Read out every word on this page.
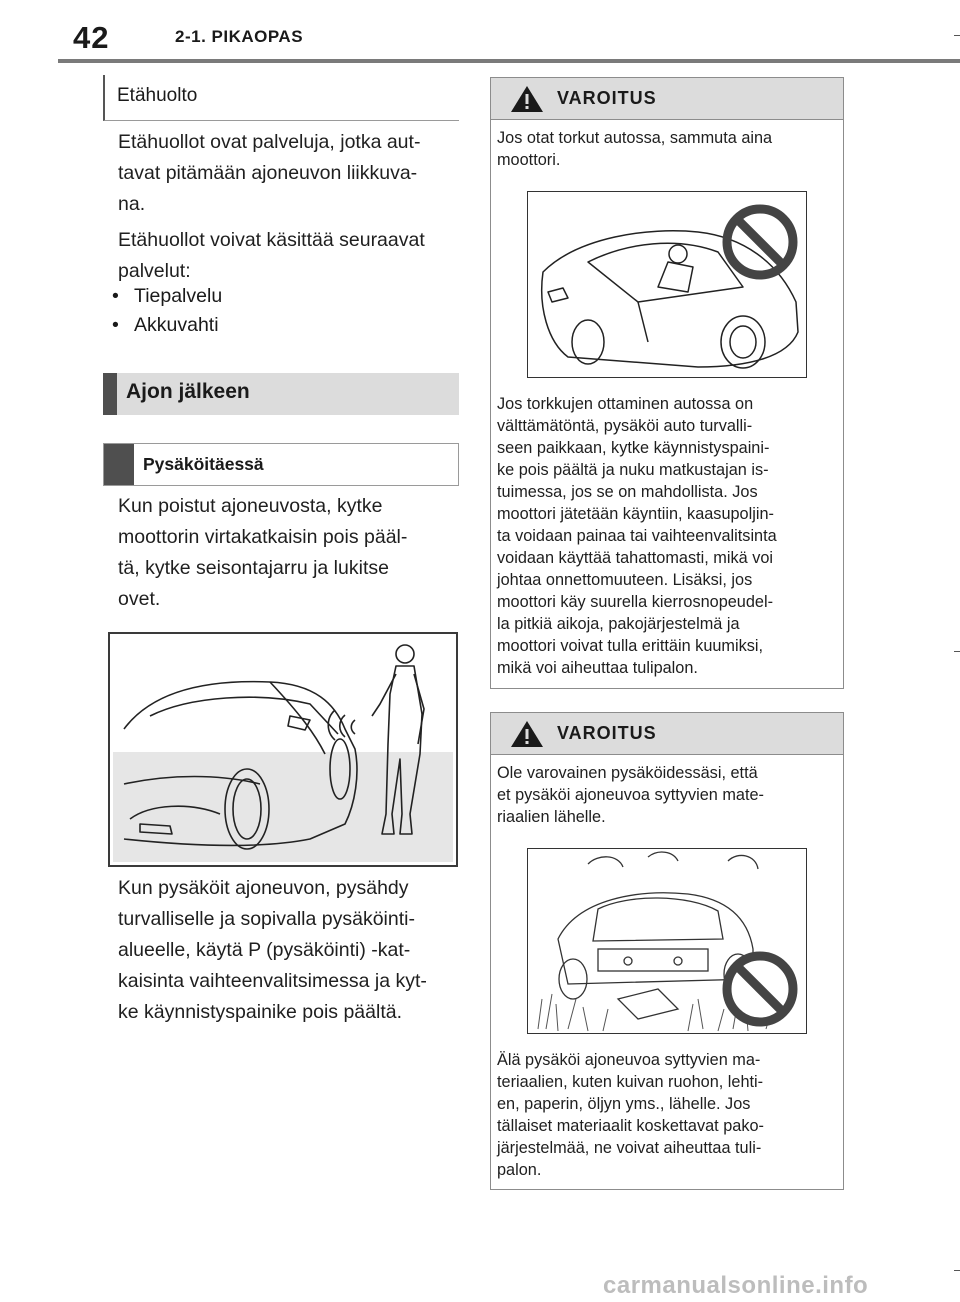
42	2-1. PIKAOPAS
Etähuolto
Etähuollot ovat palveluja, jotka aut-
tavat pitämään ajoneuvon liikkuva-
na.
Etähuollot voivat käsittää seuraavat
palvelut:
• Tiepalvelu
• Akkuvahti
Ajon jälkeen
Pysäköitäessä
Kun poistut ajoneuvosta, kytke
moottorin virtakatkaisin pois pääl-
tä, kytke seisontajarru ja lukitse
ovet.
Kun pysäköit ajoneuvon, pysähdy
turvalliselle ja sopivalla pysäköinti-
alueelle, käytä P (pysäköinti) -kat-
kaisinta vaihteenvalitsimessa ja kyt-
ke käynnistyspainike pois päältä.
VAROITUS
Jos otat torkut autossa, sammuta aina
moottori.
Jos torkkujen ottaminen autossa on
välttämätöntä, pysäköi auto turvalli-
seen paikkaan, kytke käynnistyspaini-
ke pois päältä ja nuku matkustajan is-
tuimessa, jos se on mahdollista. Jos
moottori jätetään käyntiin, kaasupoljin-
ta voidaan painaa tai vaihteenvalitsinta
voidaan käyttää tahattomasti, mikä voi
johtaa onnettomuuteen. Lisäksi, jos
moottori käy suurella kierrosnopeudel-
la pitkiä aikoja, pakojärjestelmä ja
moottori voivat tulla erittäin kuumiksi,
mikä voi aiheuttaa tulipalon.
VAROITUS
Ole varovainen pysäköidessäsi, että
et pysäköi ajoneuvoa syttyvien mate-
riaalien lähelle.
Älä pysäköi ajoneuvoa syttyvien ma-
teriaalien, kuten kuivan ruohon, lehti-
en, paperin, öljyn yms., lähelle. Jos
tällaiset materiaalit koskettavat pako-
järjestelmää, ne voivat aiheuttaa tuli-
palon.
carmanualsonline.info
